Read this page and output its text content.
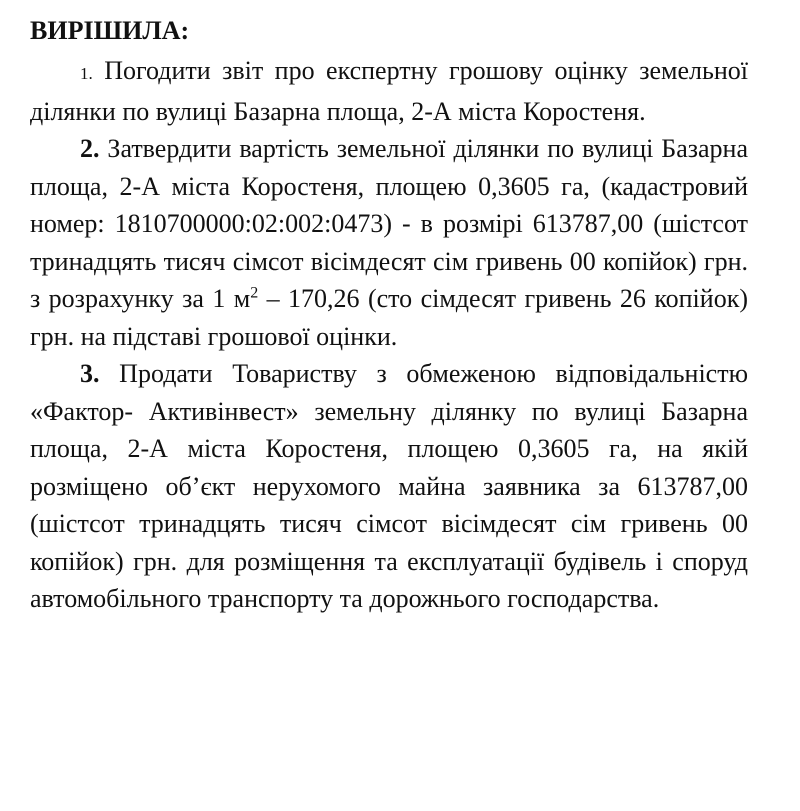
ВИРІШИЛА:

1. Погодити звіт про експертну грошову оцінку земельної ділянки по вулиці Базарна площа, 2-А міста Коростеня.

2. Затвердити вартість земельної ділянки по вулиці Базарна площа, 2-А міста Коростеня, площею 0,3605 га, (кадастровий номер: 1810700000:02:002:0473) - в розмірі 613787,00 (шістсот тринадцять тисяч сімсот вісімдесят сім гривень 00 копійок) грн. з розрахунку за 1 $м^2 - 170,26$ (сто сімдесят гривень 26 копійок) грн. на підставі грошової оцінки.

3. Продати Товариству з обмеженою відповідальністю «Фактор- Активінвест» земельну ділянку по вулиці Базарна площа, 2-А міста Коростеня, площею 0,3605 га, на якій розміщено об’єкт нерухомого майна заявника за 613787,00 (шістсот тринадцять тисяч сімсот вісімдесят сім гривень 00 копійок) грн. для розміщення та експлуатації будівель і споруд автомобільного транспорту та дорожнього господарства.
